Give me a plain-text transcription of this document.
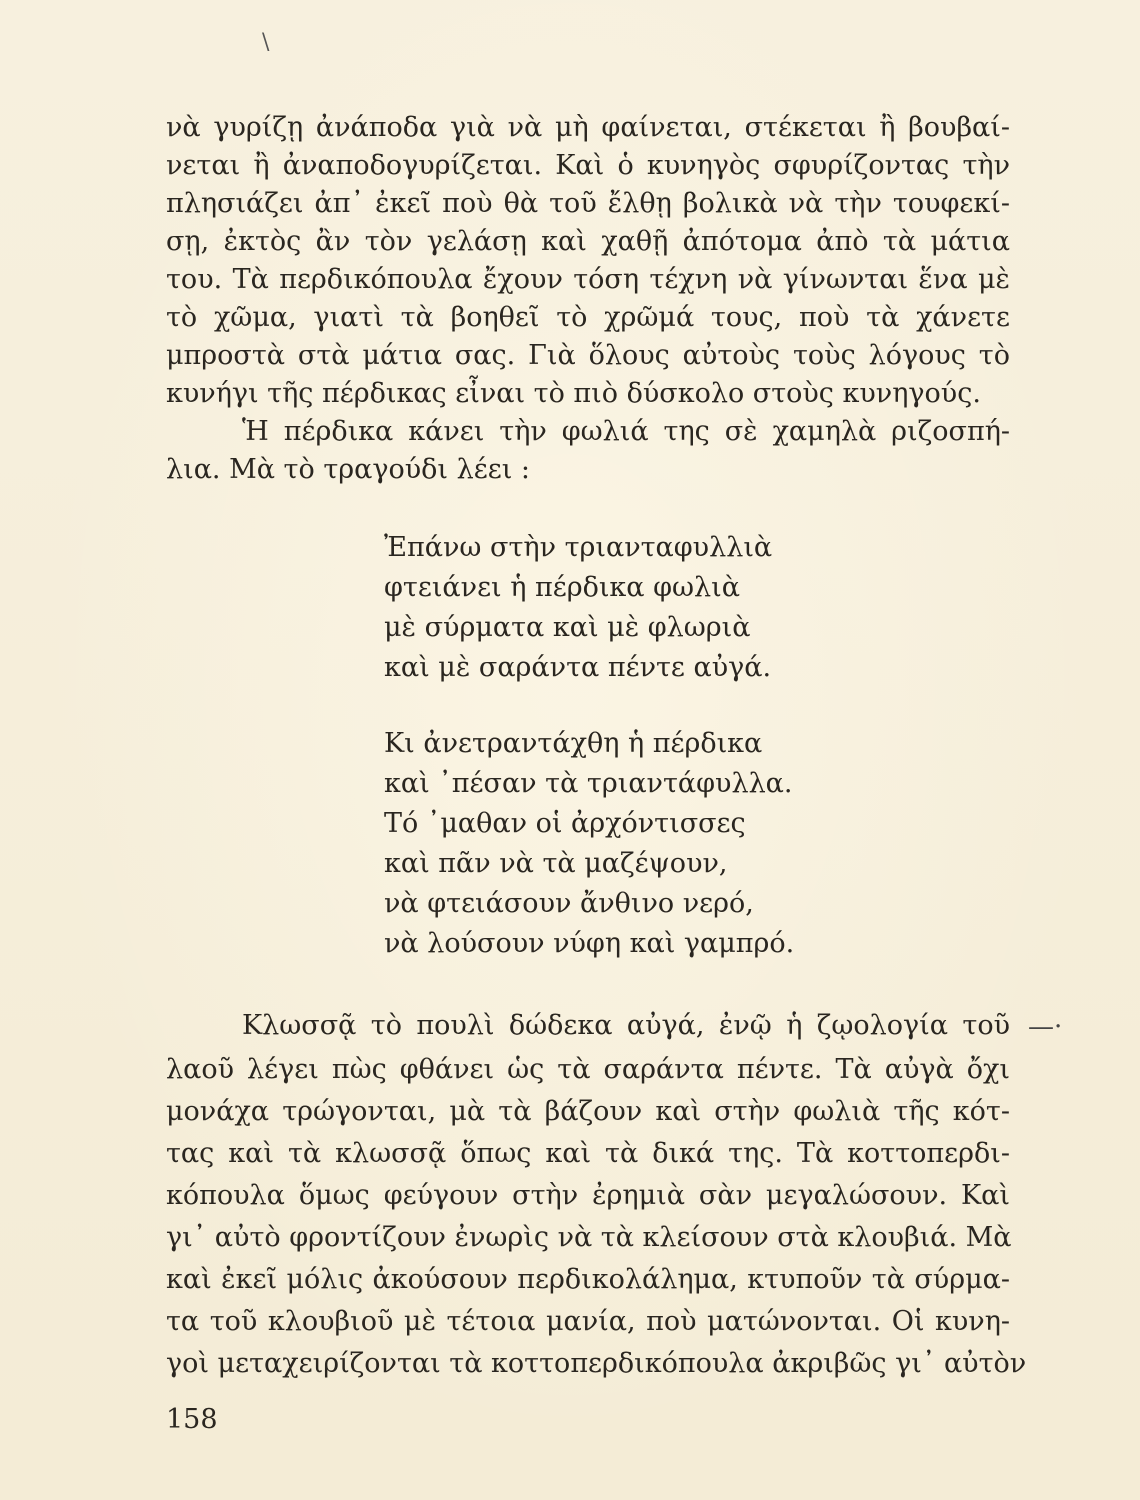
\
νὰ γυρίζῃ ἀνάποδα γιὰ νὰ μὴ φαίνεται, στέκεται ἢ βουβαί-
νεται ἢ ἀναποδογυρίζεται. Καὶ ὁ κυνηγὸς σφυρίζοντας τὴν
πλησιάζει ἀπ᾿ ἐκεῖ ποὺ θὰ τοῦ ἔλθῃ βολικὰ νὰ τὴν τουφεκί-
σῃ, ἐκτὸς ἂν τὸν γελάσῃ καὶ χαθῇ ἀπότομα ἀπὸ τὰ μάτια
του. Τὰ περδικόπουλα ἔχουν τόση τέχνη νὰ γίνωνται ἕνα μὲ
τὸ χῶμα, γιατὶ τὰ βοηθεῖ τὸ χρῶμά τους, ποὺ τὰ χάνετε
μπροστὰ στὰ μάτια σας. Γιὰ ὅλους αὐτοὺς τοὺς λόγους τὸ
κυνήγι τῆς πέρδικας εἶναι τὸ πιὸ δύσκολο στοὺς κυνηγούς.
Ἡ πέρδικα κάνει τὴν φωλιά της σὲ χαμηλὰ ριζοσπή-
λια. Μὰ τὸ τραγούδι λέει :
Ἐπάνω στὴν τριανταφυλλιὰ
φτειάνει ἡ πέρδικα φωλιὰ
μὲ σύρματα καὶ μὲ φλωριὰ
καὶ μὲ σαράντα πέντε αὐγά.
Κι ἀνετραντάχθη ἡ πέρδικα
καὶ ᾽πέσαν τὰ τριαντάφυλλα.
Τό ᾽μαθαν οἱ ἀρχόντισσες
καὶ πᾶν νὰ τὰ μαζέψουν,
νὰ φτειάσουν ἄνθινο νερό,
νὰ λούσουν νύφη καὶ γαμπρό.
Κλωσσᾷ τὸ πουλὶ δώδεκα αὐγά, ἐνῷ ἡ ζῳολογία τοῦ
λαοῦ λέγει πὼς φθάνει ὡς τὰ σαράντα πέντε. Τὰ αὐγὰ ὄχι
μονάχα τρώγονται, μὰ τὰ βάζουν καὶ στὴν φωλιὰ τῆς κότ-
τας καὶ τὰ κλωσσᾷ ὅπως καὶ τὰ δικά της. Τὰ κοττοπερδι-
κόπουλα ὅμως φεύγουν στὴν ἐρημιὰ σὰν μεγαλώσουν. Καὶ
γι᾿ αὐτὸ φροντίζουν ἐνωρὶς νὰ τὰ κλείσουν στὰ κλουβιά. Μὰ
καὶ ἐκεῖ μόλις ἀκούσουν περδικολάλημα, κτυποῦν τὰ σύρμα-
τα τοῦ κλουβιοῦ μὲ τέτοια μανία, ποὺ ματώνονται. Οἱ κυνη-
γοὶ μεταχειρίζονται τὰ κοττοπερδικόπουλα ἀκριβῶς γι᾿ αὐτὸν
—·
158
